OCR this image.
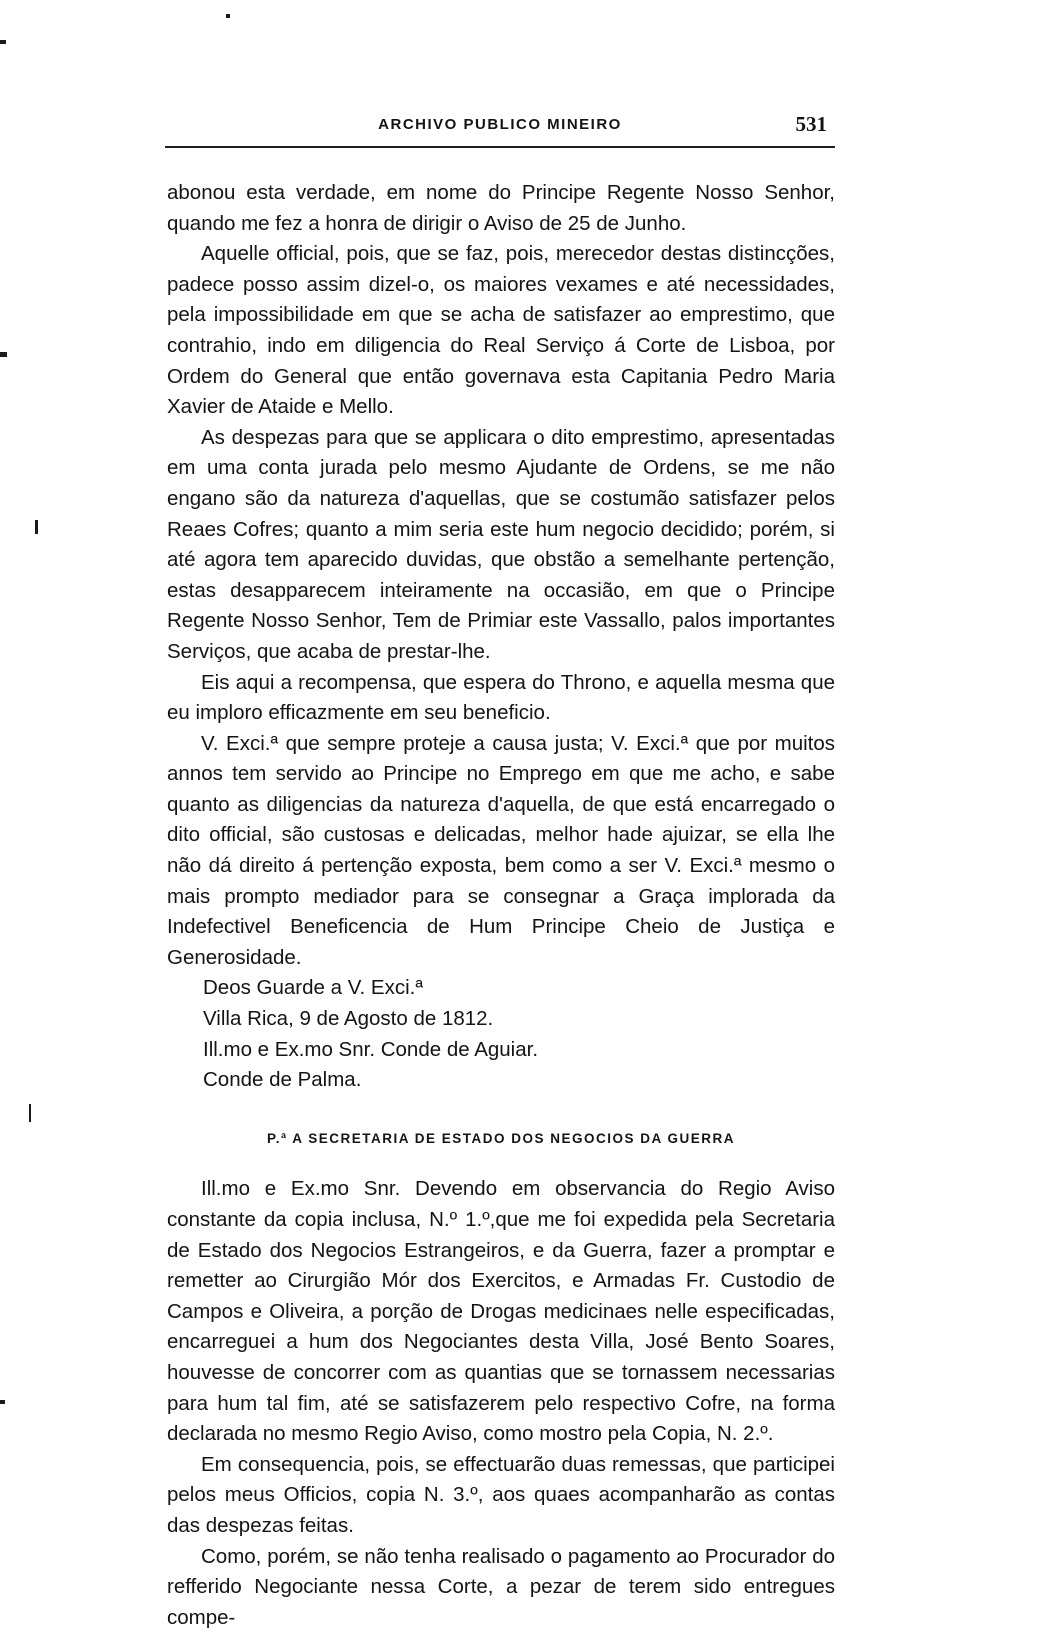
ARCHIVO PUBLICO MINEIRO	531

abonou esta verdade, em nome do Principe Regente Nosso Senhor, quando me fez a honra de dirigir o Aviso de 25 de Junho.

Aquelle official, pois, que se faz, pois, merecedor destas distincções, padece posso assim dizel-o, os maiores vexames e até necessidades, pela impossibilidade em que se acha de satisfazer ao emprestimo, que contrahio, indo em diligencia do Real Serviço á Corte de Lisboa, por Ordem do General que então governava esta Capitania Pedro Maria Xavier de Ataide e Mello.

As despezas para que se applicara o dito emprestimo, apresentadas em uma conta jurada pelo mesmo Ajudante de Ordens, se me não engano são da natureza d'aquellas, que se costumão satisfazer pelos Reaes Cofres; quanto a mim seria este hum negocio decidido; porém, si até agora tem aparecido duvidas, que obstão a semelhante pertenção, estas desapparecem inteiramente na occasião, em que o Principe Regente Nosso Senhor, Tem de Primiar este Vassallo, palos importantes Serviços, que acaba de prestar-lhe.

Eis aqui a recompensa, que espera do Throno, e aquella mesma que eu imploro efficazmente em seu beneficio.

V. Exci.ª que sempre proteje a causa justa; V. Exci.ª que por muitos annos tem servido ao Principe no Emprego em que me acho, e sabe quanto as diligencias da natureza d'aquella, de que está encarregado o dito official, são custosas e delicadas, melhor hade ajuizar, se ella lhe não dá direito á pertenção exposta, bem como a ser V. Exci.ª mesmo o mais prompto mediador para se consegnar a Graça implorada da Indefectivel Beneficencia de Hum Principe Cheio de Justiça e Generosidade.

Deos Guarde a V. Exci.ª
Villa Rica, 9 de Agosto de 1812.
Ill.mo e Ex.mo Snr. Conde de Aguiar.
Conde de Palma.
P.ª A SECRETARIA DE ESTADO DOS NEGOCIOS DA GUERRA

Ill.mo e Ex.mo Snr. Devendo em observancia do Regio Aviso constante da copia inclusa, N.º 1.º,que me foi expedida pela Secretaria de Estado dos Negocios Estrangeiros, e da Guerra, fazer a promptar e remetter ao Cirurgião Mór dos Exercitos, e Armadas Fr. Custodio de Campos e Oliveira, a porção de Drogas medicinaes nelle especificadas, encarreguei a hum dos Negociantes desta Villa, José Bento Soares, houvesse de concorrer com as quantias que se tornassem necessarias para hum tal fim, até se satisfazerem pelo respectivo Cofre, na forma declarada no mesmo Regio Aviso, como mostro pela Copia, N. 2.º.

Em consequencia, pois, se effectuarão duas remessas, que participei pelos meus Officios, copia N. 3.º, aos quaes acompanharão as contas das despezas feitas.

Como, porém, se não tenha realisado o pagamento ao Procurador do refferido Negociante nessa Corte, a pezar de terem sido entregues compe-
